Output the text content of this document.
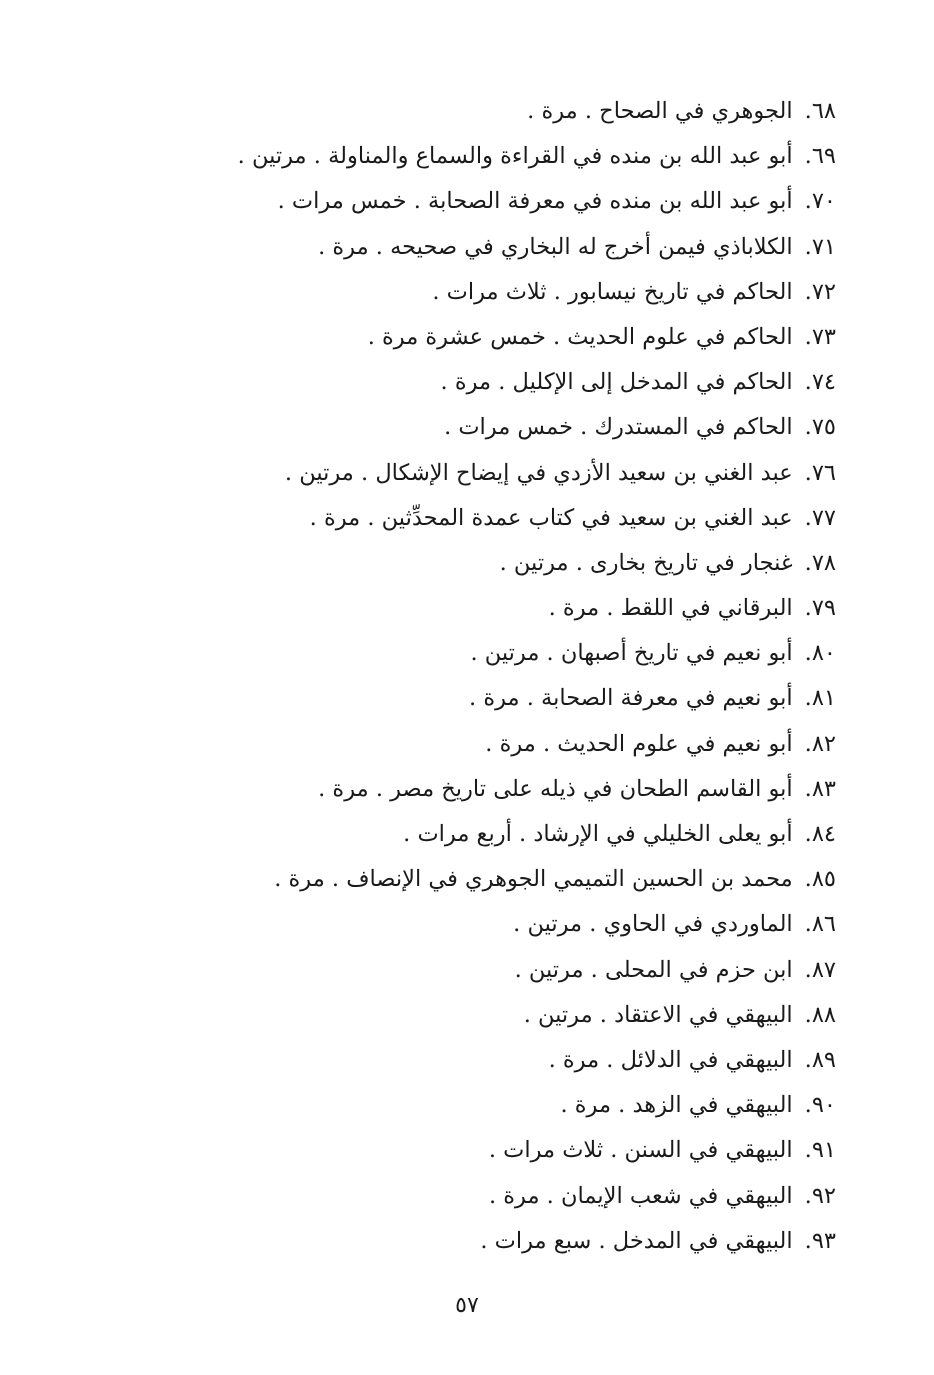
٦٨.الجوهري في الصحاح . مرة .
٦٩.أبو عبد الله بن منده في القراءة والسماع والمناولة . مرتين .
٧٠.أبو عبد الله بن منده في معرفة الصحابة . خمس مرات .
٧١.الكلاباذي فيمن أخرج له البخاري في صحيحه . مرة .
٧٢.الحاكم في تاريخ نيسابور . ثلاث مرات .
٧٣.الحاكم في علوم الحديث . خمس عشرة مرة .
٧٤.الحاكم في المدخل إلى الإكليل . مرة .
٧٥.الحاكم في المستدرك . خمس مرات .
٧٦.عبد الغني بن سعيد الأزدي في إيضاح الإشكال . مرتين .
٧٧.عبد الغني بن سعيد في كتاب عمدة المحدِّثين . مرة .
٧٨.غنجار في تاريخ بخارى . مرتين .
٧٩.البرقاني في اللقط . مرة .
٨٠.أبو نعيم في تاريخ أصبهان . مرتين .
٨١.أبو نعيم في معرفة الصحابة . مرة .
٨٢.أبو نعيم في علوم الحديث . مرة .
٨٣.أبو القاسم الطحان في ذيله على تاريخ مصر . مرة .
٨٤.أبو يعلى الخليلي في الإرشاد . أربع مرات .
٨٥.محمد بن الحسين التميمي الجوهري في الإنصاف . مرة .
٨٦.الماوردي في الحاوي . مرتين .
٨٧.ابن حزم في المحلى . مرتين .
٨٨.البيهقي في الاعتقاد . مرتين .
٨٩.البيهقي في الدلائل . مرة .
٩٠.البيهقي في الزهد . مرة .
٩١.البيهقي في السنن . ثلاث مرات .
٩٢.البيهقي في شعب الإيمان . مرة .
٩٣.البيهقي في المدخل . سبع مرات .
٥٧
